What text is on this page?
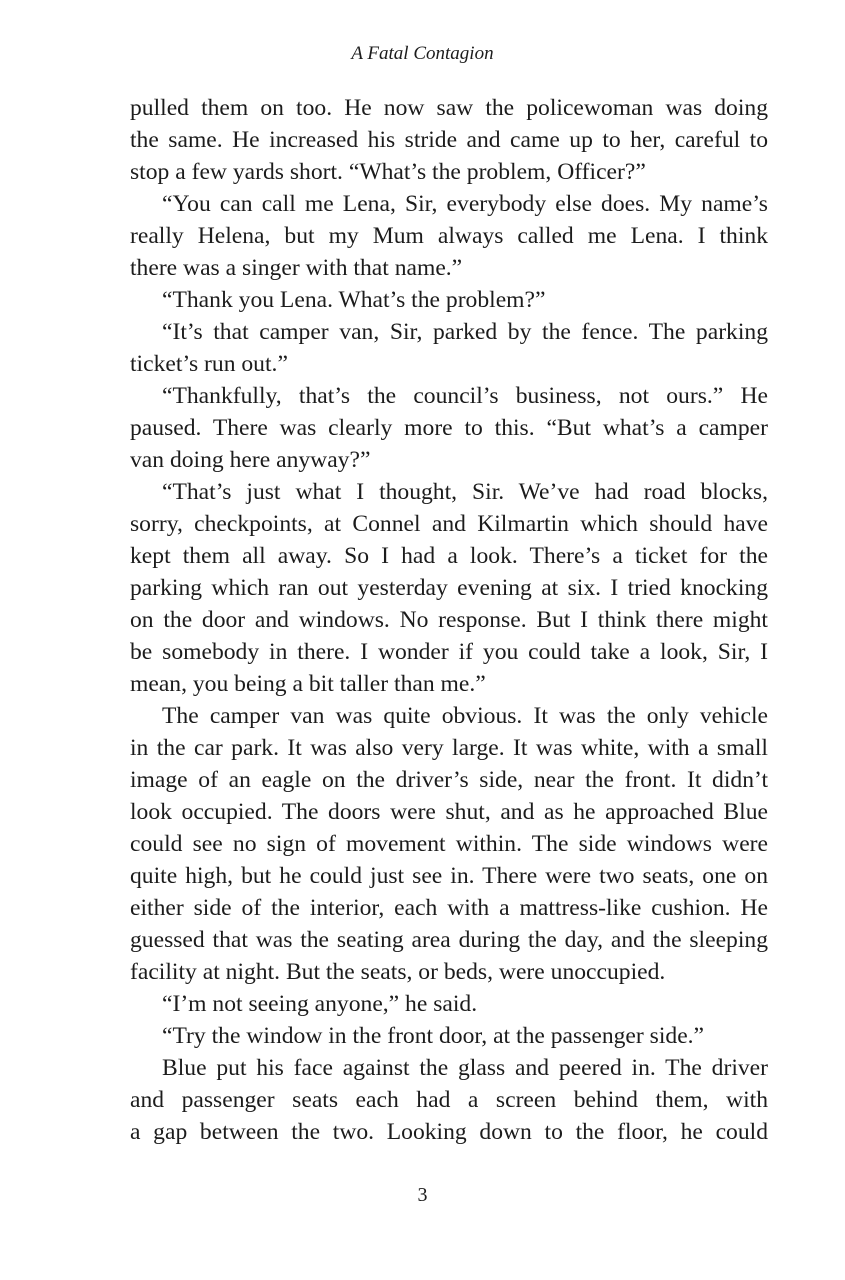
A Fatal Contagion
pulled them on too. He now saw the policewoman was doing
the same. He increased his stride and came up to her, careful to
stop a few yards short. “What’s the problem, Officer?”
“You can call me Lena, Sir, everybody else does. My name’s
really Helena, but my Mum always called me Lena. I think
there was a singer with that name.”
“Thank you Lena. What’s the problem?”
“It’s that camper van, Sir, parked by the fence. The parking
ticket’s run out.”
“Thankfully, that’s the council’s business, not ours.” He
paused. There was clearly more to this. “But what’s a camper
van doing here anyway?”
“That’s just what I thought, Sir. We’ve had road blocks,
sorry, checkpoints, at Connel and Kilmartin which should have
kept them all away. So I had a look. There’s a ticket for the
parking which ran out yesterday evening at six. I tried knocking
on the door and windows. No response. But I think there might
be somebody in there. I wonder if you could take a look, Sir, I
mean, you being a bit taller than me.”
The camper van was quite obvious. It was the only vehicle
in the car park. It was also very large. It was white, with a small
image of an eagle on the driver’s side, near the front. It didn’t
look occupied. The doors were shut, and as he approached Blue
could see no sign of movement within. The side windows were
quite high, but he could just see in. There were two seats, one on
either side of the interior, each with a mattress-like cushion. He
guessed that was the seating area during the day, and the sleeping
facility at night. But the seats, or beds, were unoccupied.
“I’m not seeing anyone,” he said.
“Try the window in the front door, at the passenger side.”
Blue put his face against the glass and peered in. The driver
and passenger seats each had a screen behind them, with
a gap between the two. Looking down to the floor, he could
3
